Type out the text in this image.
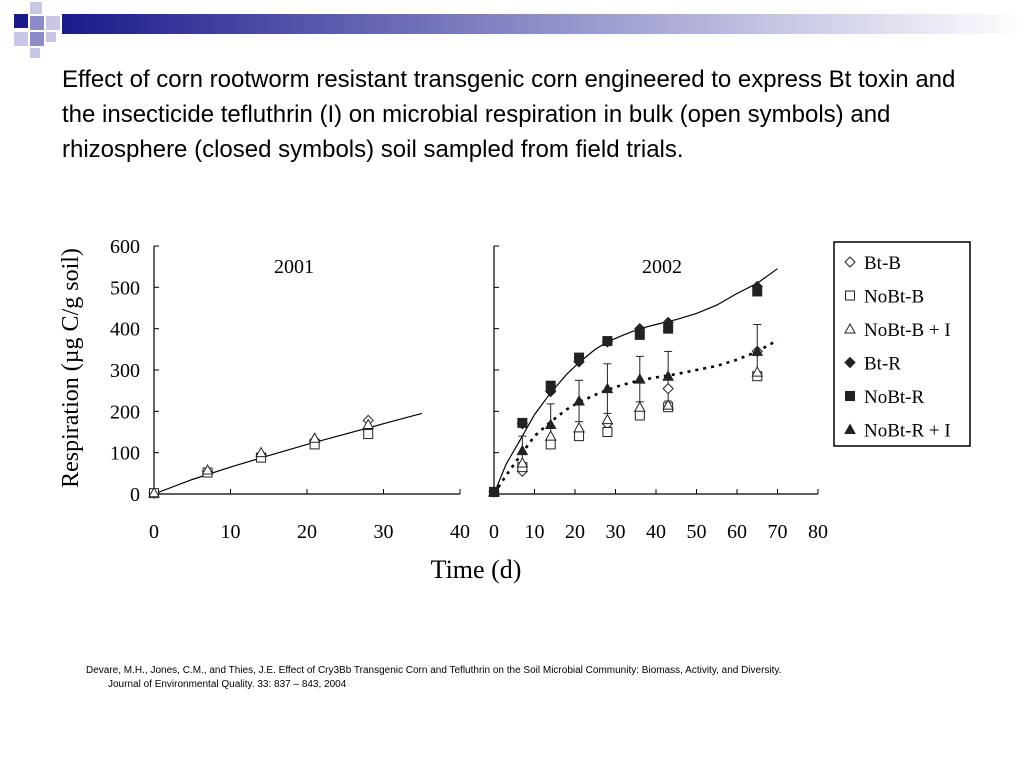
Effect of corn rootworm resistant transgenic corn engineered to express Bt toxin and the insecticide tefluthrin (I) on microbial respiration in bulk (open symbols) and rhizosphere (closed symbols) soil sampled from field trials.
0
100
200
300
400
500
600
0	10	20	30	40
2001
0 10 20 30 40 50 60 70 80
2002
Respiration (µg C/g soil)
Time (d)
Bt-B
NoBt-B
NoBt-B + I
Bt-R
NoBt-R
NoBt-R + I
Devare, M.H., Jones, C.M., and Thies, J.E. Effect of Cry3Bb Transgenic Corn and Tefluthrin on the Soil Microbial Community: Biomass, Activity, and Diversity.
Journal of Environmental Quality. 33: 837 – 843, 2004
